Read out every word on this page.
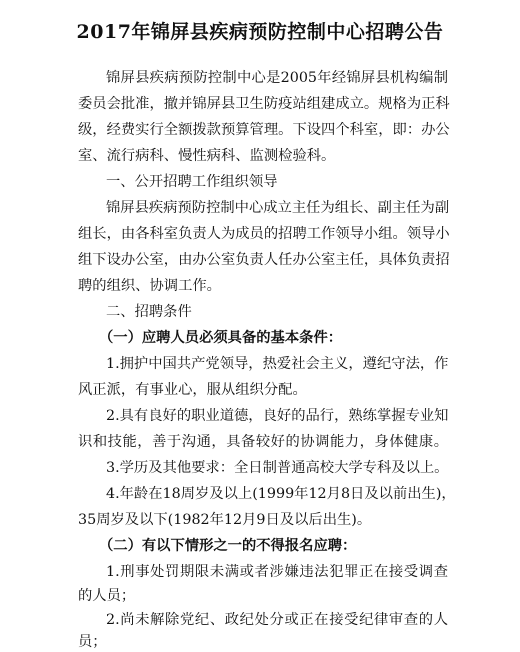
2017年锦屏县疾病预防控制中心招聘公告
锦屏县疾病预防控制中心是2005年经锦屏县机构编制
委员会批准，撤并锦屏县卫生防疫站组建成立。规格为正科
级，经费实行全额拨款预算管理。下设四个科室，即：办公
室、流行病科、慢性病科、监测检验科。
一、公开招聘工作组织领导
锦屏县疾病预防控制中心成立主任为组长、副主任为副
组长，由各科室负责人为成员的招聘工作领导小组。领导小
组下设办公室，由办公室负责人任办公室主任，具体负责招
聘的组织、协调工作。
二、招聘条件
（一）应聘人员必须具备的基本条件：
1.拥护中国共产党领导，热爱社会主义，遵纪守法，作
风正派，有事业心，服从组织分配。
2.具有良好的职业道德，良好的品行，熟练掌握专业知
识和技能，善于沟通，具备较好的协调能力，身体健康。
3.学历及其他要求：全日制普通高校大学专科及以上。
4.年龄在18周岁及以上(1999年12月8日及以前出生)，
35周岁及以下(1982年12月9日及以后出生)。
（二）有以下情形之一的不得报名应聘：
1.刑事处罚期限未满或者涉嫌违法犯罪正在接受调查
的人员；
2.尚未解除党纪、政纪处分或正在接受纪律审查的人
员；
